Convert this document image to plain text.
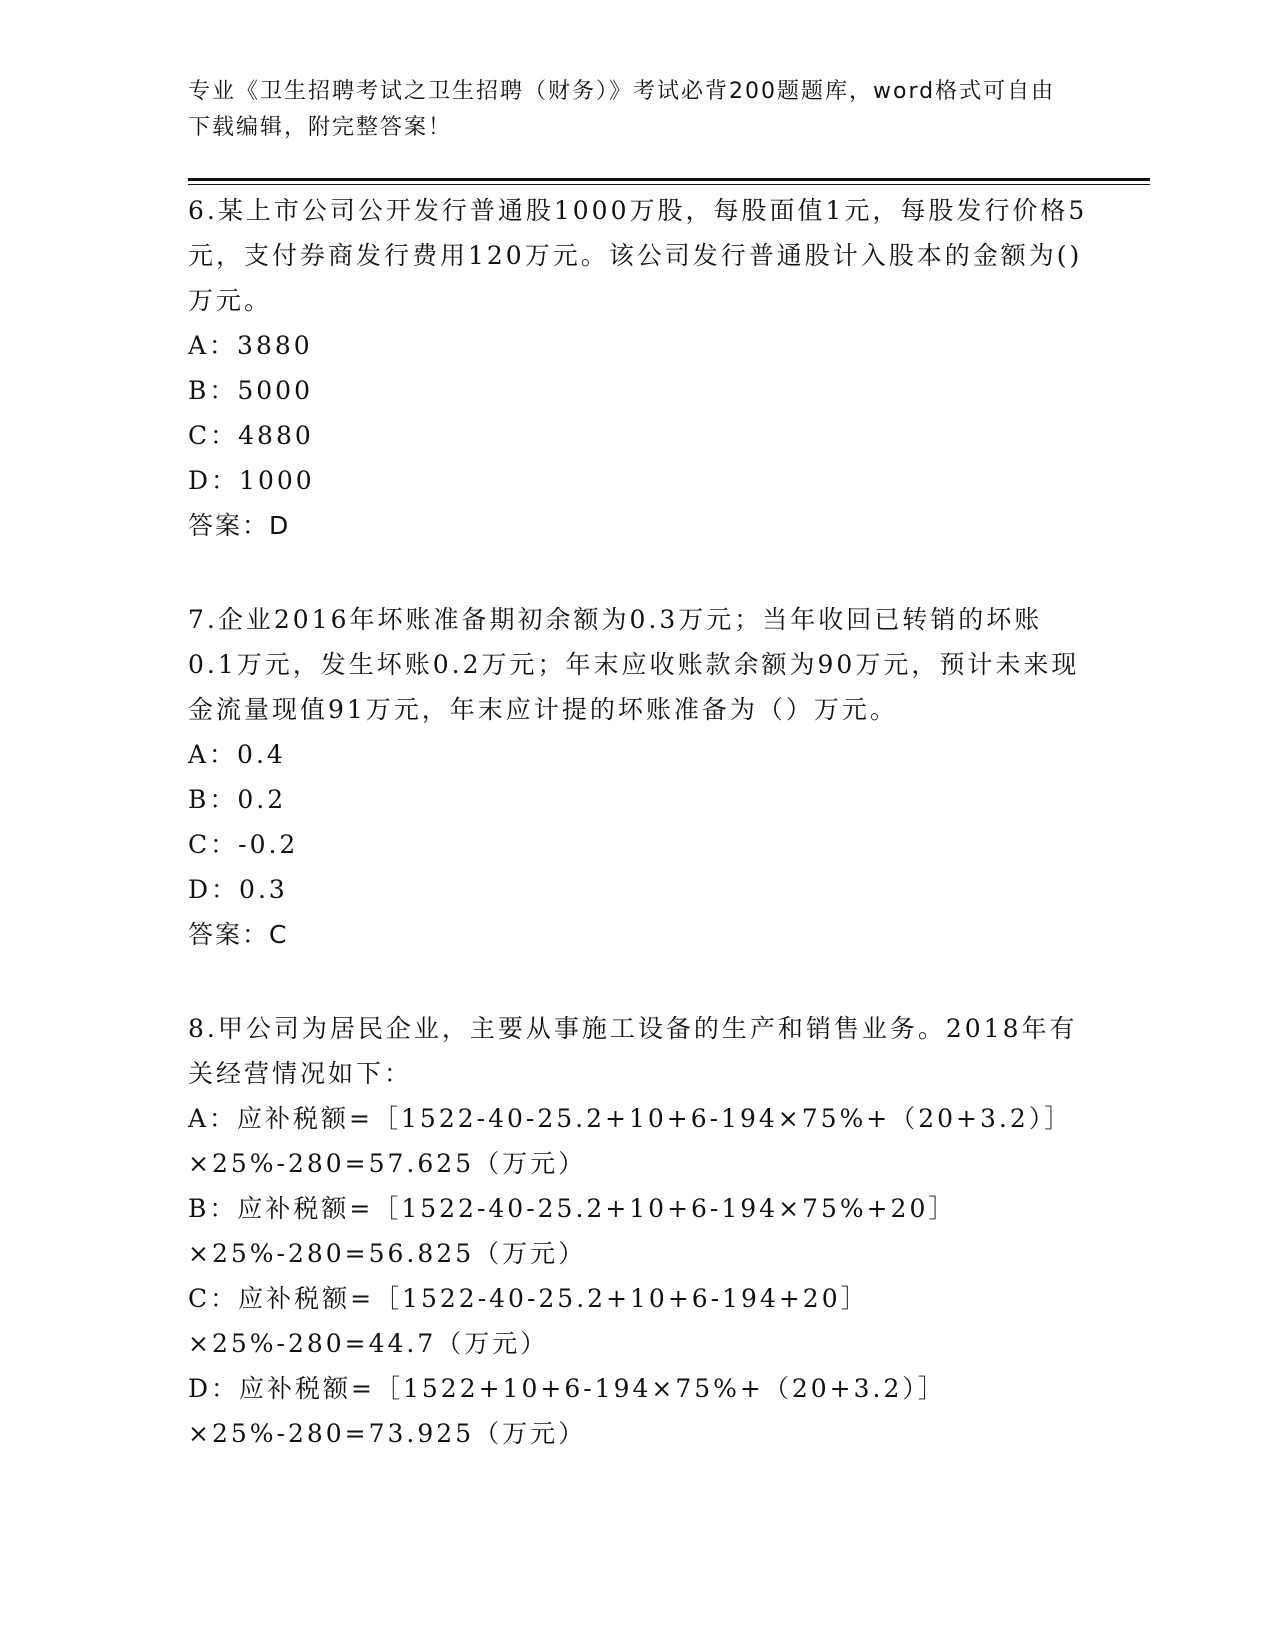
专业《卫生招聘考试之卫生招聘（财务）》考试必背200题题库，word格式可自由下载编辑，附完整答案！

6.某上市公司公开发行普通股1000万股，每股面值1元，每股发行价格5元，支付券商发行费用120万元。该公司发行普通股计入股本的金额为()万元。

A：3880

B：5000

C：4880

D：1000

答案：D

7.企业2016年坏账准备期初余额为0.3万元；当年收回已转销的坏账0.1万元，发生坏账0.2万元；年末应收账款余额为90万元，预计未来现金流量现值91万元，年末应计提的坏账准备为（）万元。

A：0.4

B：0.2

C：-0.2

D：0.3

答案：C

8.甲公司为居民企业，主要从事施工设备的生产和销售业务。2018年有关经营情况如下：

A：应补税额=［1522-40-25.2+10+6-194×75%+（20+3.2）］×25%-280=57.625（万元）

B：应补税额=［1522-40-25.2+10+6-194×75%+20］×25%-280=56.825（万元）

C：应补税额=［1522-40-25.2+10+6-194+20］×25%-280=44.7（万元）

D：应补税额=［1522+10+6-194×75%+（20+3.2）］×25%-280=73.925（万元）
